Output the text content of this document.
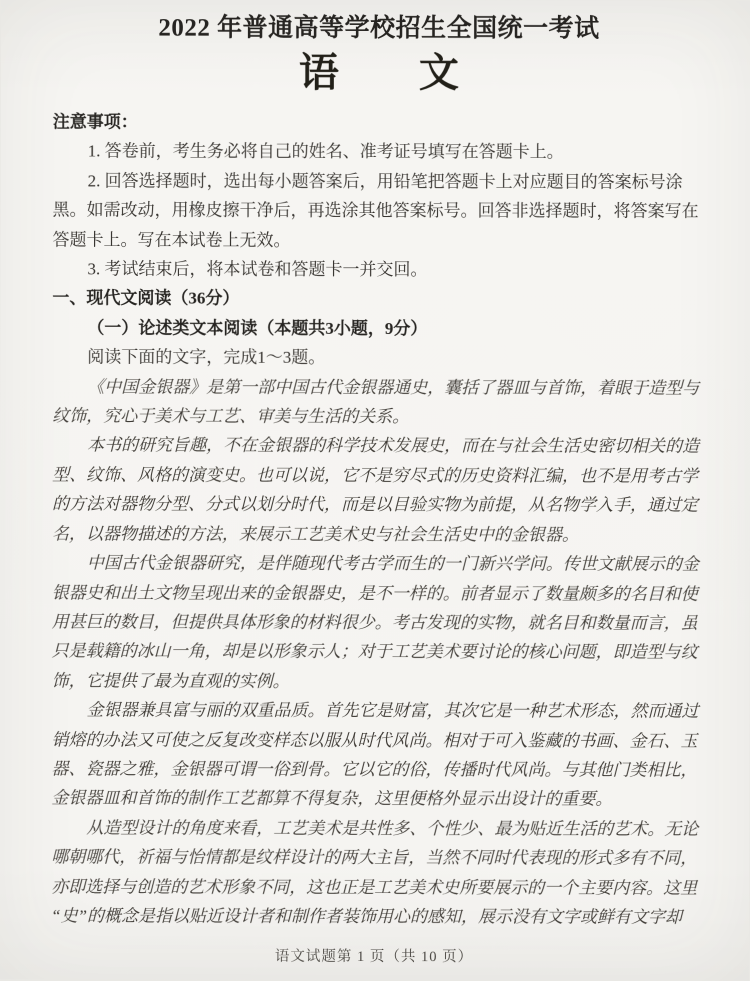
2022 年普通高等学校招生全国统一考试
语　　文
注意事项：
1. 答卷前，考生务必将自己的姓名、准考证号填写在答题卡上。
2. 回答选择题时，选出每小题答案后，用铅笔把答题卡上对应题目的答案标号涂
黑。如需改动，用橡皮擦干净后，再选涂其他答案标号。回答非选择题时，将答案写在
答题卡上。写在本试卷上无效。
3. 考试结束后，将本试卷和答题卡一并交回。
一、现代文阅读（36分）
（一）论述类文本阅读（本题共3小题，9分）
阅读下面的文字，完成1～3题。
《中国金银器》是第一部中国古代金银器通史，囊括了器皿与首饰，着眼于造型与
纹饰，究心于美术与工艺、审美与生活的关系。
本书的研究旨趣，不在金银器的科学技术发展史，而在与社会生活史密切相关的造
型、纹饰、风格的演变史。也可以说，它不是穷尽式的历史资料汇编，也不是用考古学
的方法对器物分型、分式以划分时代，而是以目验实物为前提，从名物学入手，通过定
名，以器物描述的方法，来展示工艺美术史与社会生活史中的金银器。
中国古代金银器研究，是伴随现代考古学而生的一门新兴学问。传世文献展示的金
银器史和出土文物呈现出来的金银器史，是不一样的。前者显示了数量颇多的名目和使
用甚巨的数目，但提供具体形象的材料很少。考古发现的实物，就名目和数量而言，虽
只是载籍的冰山一角，却是以形象示人；对于工艺美术要讨论的核心问题，即造型与纹
饰，它提供了最为直观的实例。
金银器兼具富与丽的双重品质。首先它是财富，其次它是一种艺术形态，然而通过
销熔的办法又可使之反复改变样态以服从时代风尚。相对于可入鉴藏的书画、金石、玉
器、瓷器之雅，金银器可谓一俗到骨。它以它的俗，传播时代风尚。与其他门类相比，
金银器皿和首饰的制作工艺都算不得复杂，这里便格外显示出设计的重要。
从造型设计的角度来看，工艺美术是共性多、个性少、最为贴近生活的艺术。无论
哪朝哪代，祈福与怡情都是纹样设计的两大主旨，当然不同时代表现的形式多有不同，
亦即选择与创造的艺术形象不同，这也正是工艺美术史所要展示的一个主要内容。这里
“史”的概念是指以贴近设计者和制作者装饰用心的感知，展示没有文字或鲜有文字却
语文试题第 1 页（共 10 页）
